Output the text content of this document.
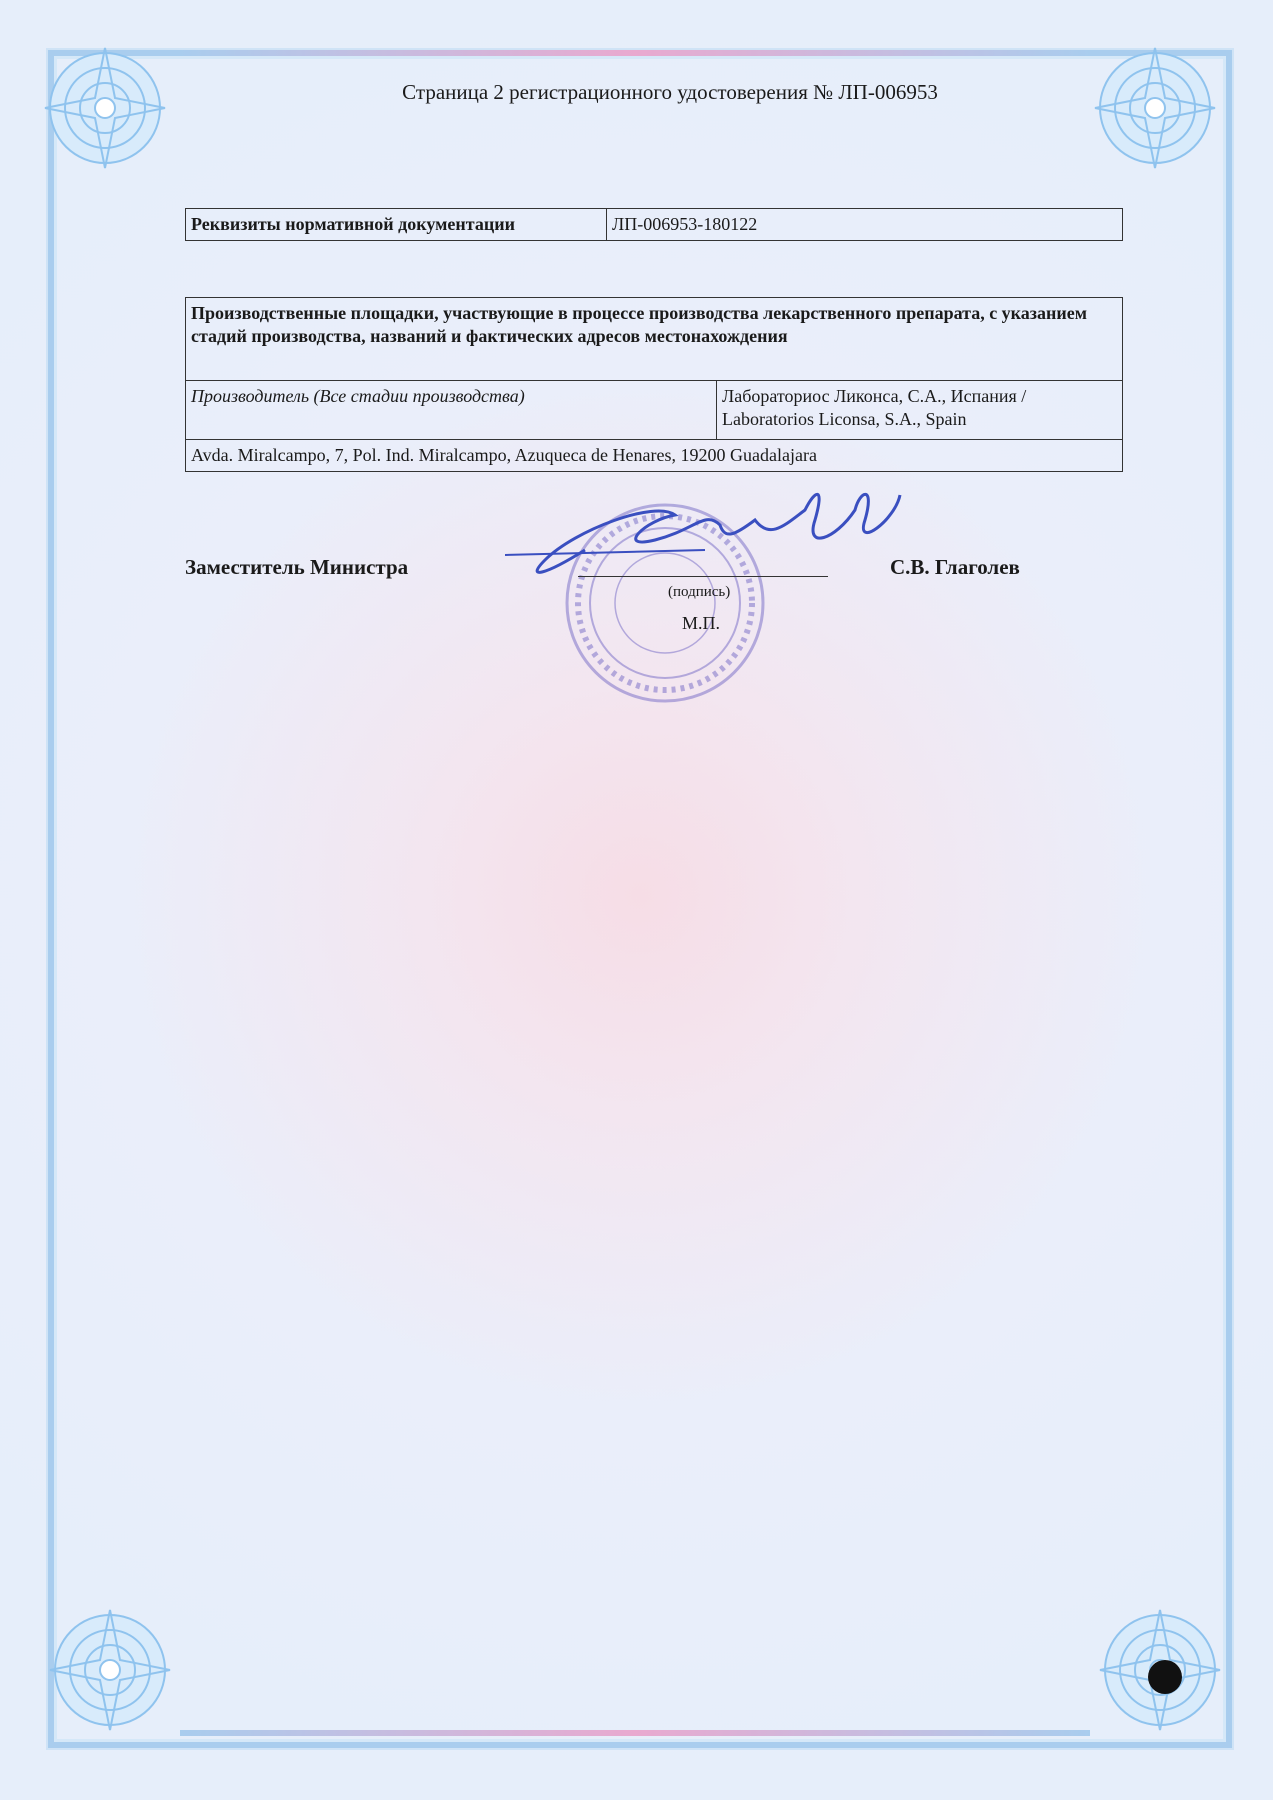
Страница 2 регистрационного удостоверения № ЛП-006953
Реквизиты нормативной документации	ЛП-006953-180122
Производственные площадки, участвующие в процессе производства лекарственного препарата, с указанием стадий производства, названий и фактических адресов местонахождения
Производитель (Все стадии производства)	Лабораториос Ликонса, С.А., Испания /
Laboratorios Liconsa, S.A., Spain

Avda. Miralcampo, 7, Pol. Ind. Miralcampo, Azuqueca de Henares, 19200 Guadalajara
Заместитель Министра
(подпись)
М.П.
С.В. Глаголев
